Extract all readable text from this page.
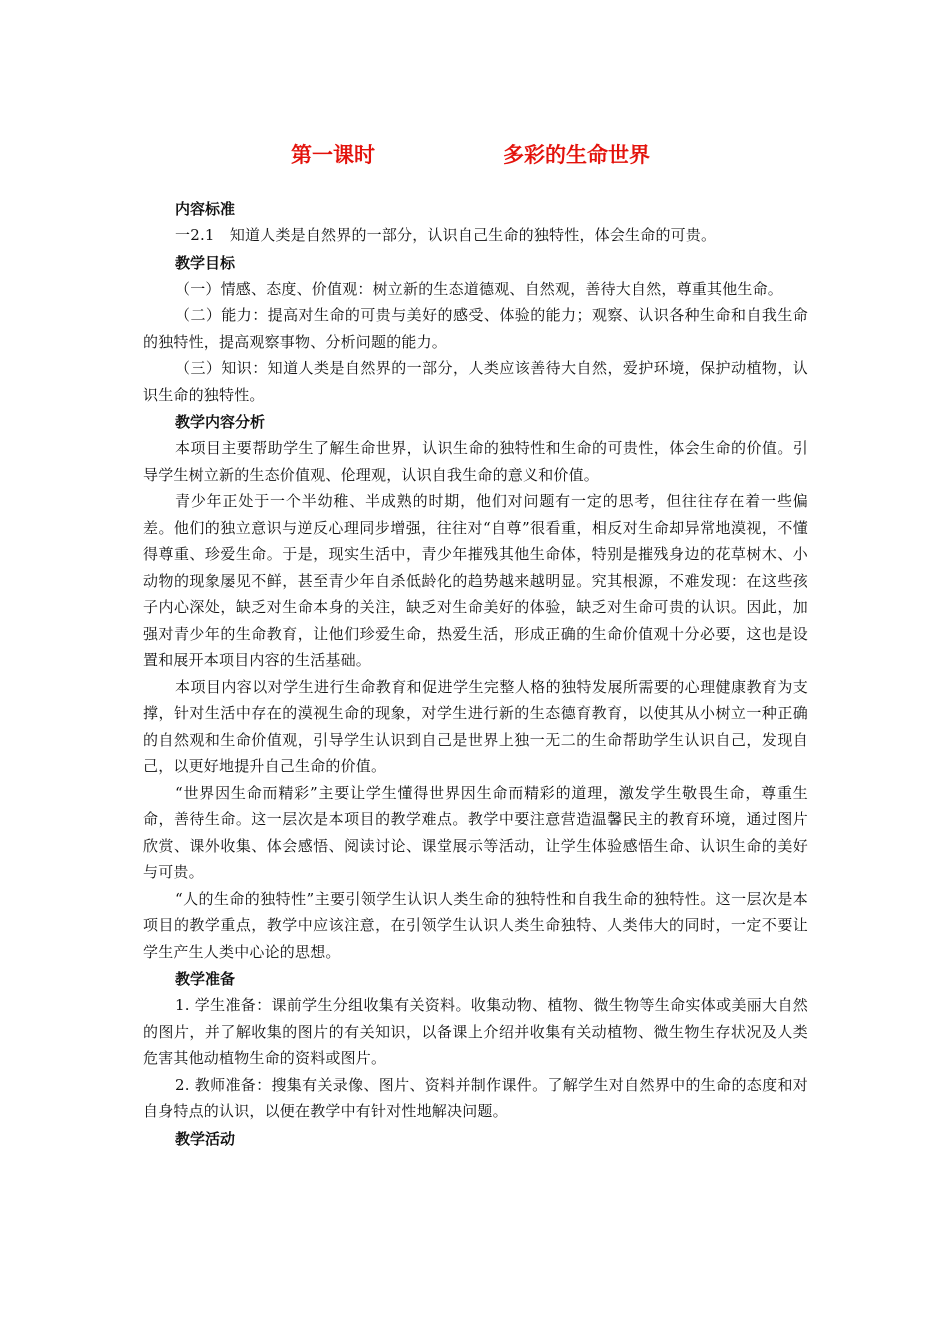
第一课时	多彩的生命世界
内容标准

一2.1　知道人类是自然界的一部分，认识自己生命的独特性，体会生命的可贵。

教学目标

（一）情感、态度、价值观：树立新的生态道德观、自然观，善待大自然，尊重其他生命。

（二）能力：提高对生命的可贵与美好的感受、体验的能力；观察、认识各种生命和自我生命的独特性，提高观察事物、分析问题的能力。

（三）知识：知道人类是自然界的一部分，人类应该善待大自然，爱护环境，保护动植物，认识生命的独特性。

教学内容分析

本项目主要帮助学生了解生命世界，认识生命的独特性和生命的可贵性，体会生命的价值。引导学生树立新的生态价值观、伦理观，认识自我生命的意义和价值。

青少年正处于一个半幼稚、半成熟的时期，他们对问题有一定的思考，但往往存在着一些偏差。他们的独立意识与逆反心理同步增强，往往对“自尊”很看重，相反对生命却异常地漠视，不懂得尊重、珍爱生命。于是，现实生活中，青少年摧残其他生命体，特别是摧残身边的花草树木、小动物的现象屡见不鲜，甚至青少年自杀低龄化的趋势越来越明显。究其根源，不难发现：在这些孩子内心深处，缺乏对生命本身的关注，缺乏对生命美好的体验，缺乏对生命可贵的认识。因此，加强对青少年的生命教育，让他们珍爱生命，热爱生活，形成正确的生命价值观十分必要，这也是设置和展开本项目内容的生活基础。

本项目内容以对学生进行生命教育和促进学生完整人格的独特发展所需要的心理健康教育为支撑，针对生活中存在的漠视生命的现象，对学生进行新的生态德育教育，以使其从小树立一种正确的自然观和生命价值观，引导学生认识到自己是世界上独一无二的生命帮助学生认识自己，发现自己，以更好地提升自己生命的价值。

“世界因生命而精彩”主要让学生懂得世界因生命而精彩的道理，激发学生敬畏生命，尊重生命，善待生命。这一层次是本项目的教学难点。教学中要注意营造温馨民主的教育环境，通过图片欣赏、课外收集、体会感悟、阅读讨论、课堂展示等活动，让学生体验感悟生命、认识生命的美好与可贵。

“人的生命的独特性”主要引领学生认识人类生命的独特性和自我生命的独特性。这一层次是本项目的教学重点，教学中应该注意，在引领学生认识人类生命独特、人类伟大的同时，一定不要让学生产生人类中心论的思想。

教学准备

1. 学生准备：课前学生分组收集有关资料。收集动物、植物、微生物等生命实体或美丽大自然的图片，并了解收集的图片的有关知识，以备课上介绍并收集有关动植物、微生物生存状况及人类危害其他动植物生命的资料或图片。

2. 教师准备：搜集有关录像、图片、资料并制作课件。了解学生对自然界中的生命的态度和对自身特点的认识，以便在教学中有针对性地解决问题。

教学活动
